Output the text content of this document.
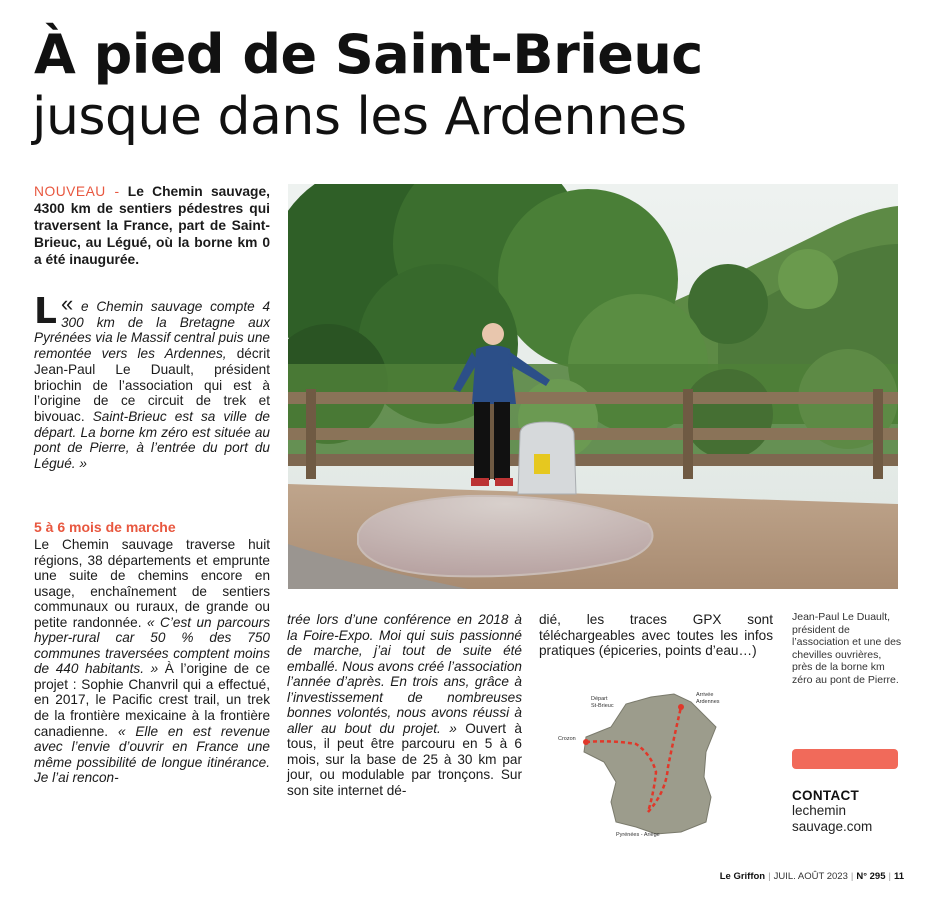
À pied de Saint-Brieuc
jusque dans les Ardennes
NOUVEAU - Le Chemin sauvage, 4300 km de sentiers pédestres qui traversent la France, part de Saint-Brieuc, au Légué, où la borne km 0 a été inaugurée.
«
L e Chemin sauvage compte 4 300 km de la Bretagne aux Pyrénées via le Massif central puis une remontée vers les Ardennes, décrit Jean-Paul Le Duault, président briochin de l’association qui est à l’origine de ce circuit de trek et bivouac. Saint-Brieuc est sa ville de départ. La borne km zéro est située au pont de Pierre, à l’entrée du port du Légué. »
5 à 6 mois de marche
Le Chemin sauvage traverse huit régions, 38 départements et emprunte une suite de chemins encore en usage, enchaînement de sentiers communaux ou ruraux, de grande ou petite randonnée. « C’est un parcours hyper-rural car 50 % des 750 communes traversées comptent moins de 440 habitants. » À l’origine de ce projet : Sophie Chanvril qui a effectué, en 2017, le Pacific crest trail, un trek de la frontière mexicaine à la frontière canadienne. « Elle en est revenue avec l’envie d’ouvrir en France une même possibilité de longue itinérance. Je l’ai rencon-
trée lors d’une conférence en 2018 à la Foire-Expo. Moi qui suis passionné de marche, j’ai tout de suite été emballé. Nous avons créé l’association l’année d’après. En trois ans, grâce à l’investissement de nombreuses bonnes volontés, nous avons réussi à aller au bout du projet. » Ouvert à tous, il peut être parcouru en 5 à 6 mois, sur la base de 25 à 30 km par jour, ou modulable par tronçons. Sur son site internet dé-
dié, les traces GPX sont téléchargeables avec toutes les infos pratiques (épiceries, points d’eau…)
Jean-Paul Le Duault, président de l’association et une des chevilles ouvrières, près de la borne km zéro au pont de Pierre.
Départ
St-Brieuc
Crozon
Arrivée
Ardennes
Pyrénées - Ariège
CONTACT
lechemin
sauvage.com
Le Griffon | JUIL. AOÛT 2023 | N° 295 | 11
